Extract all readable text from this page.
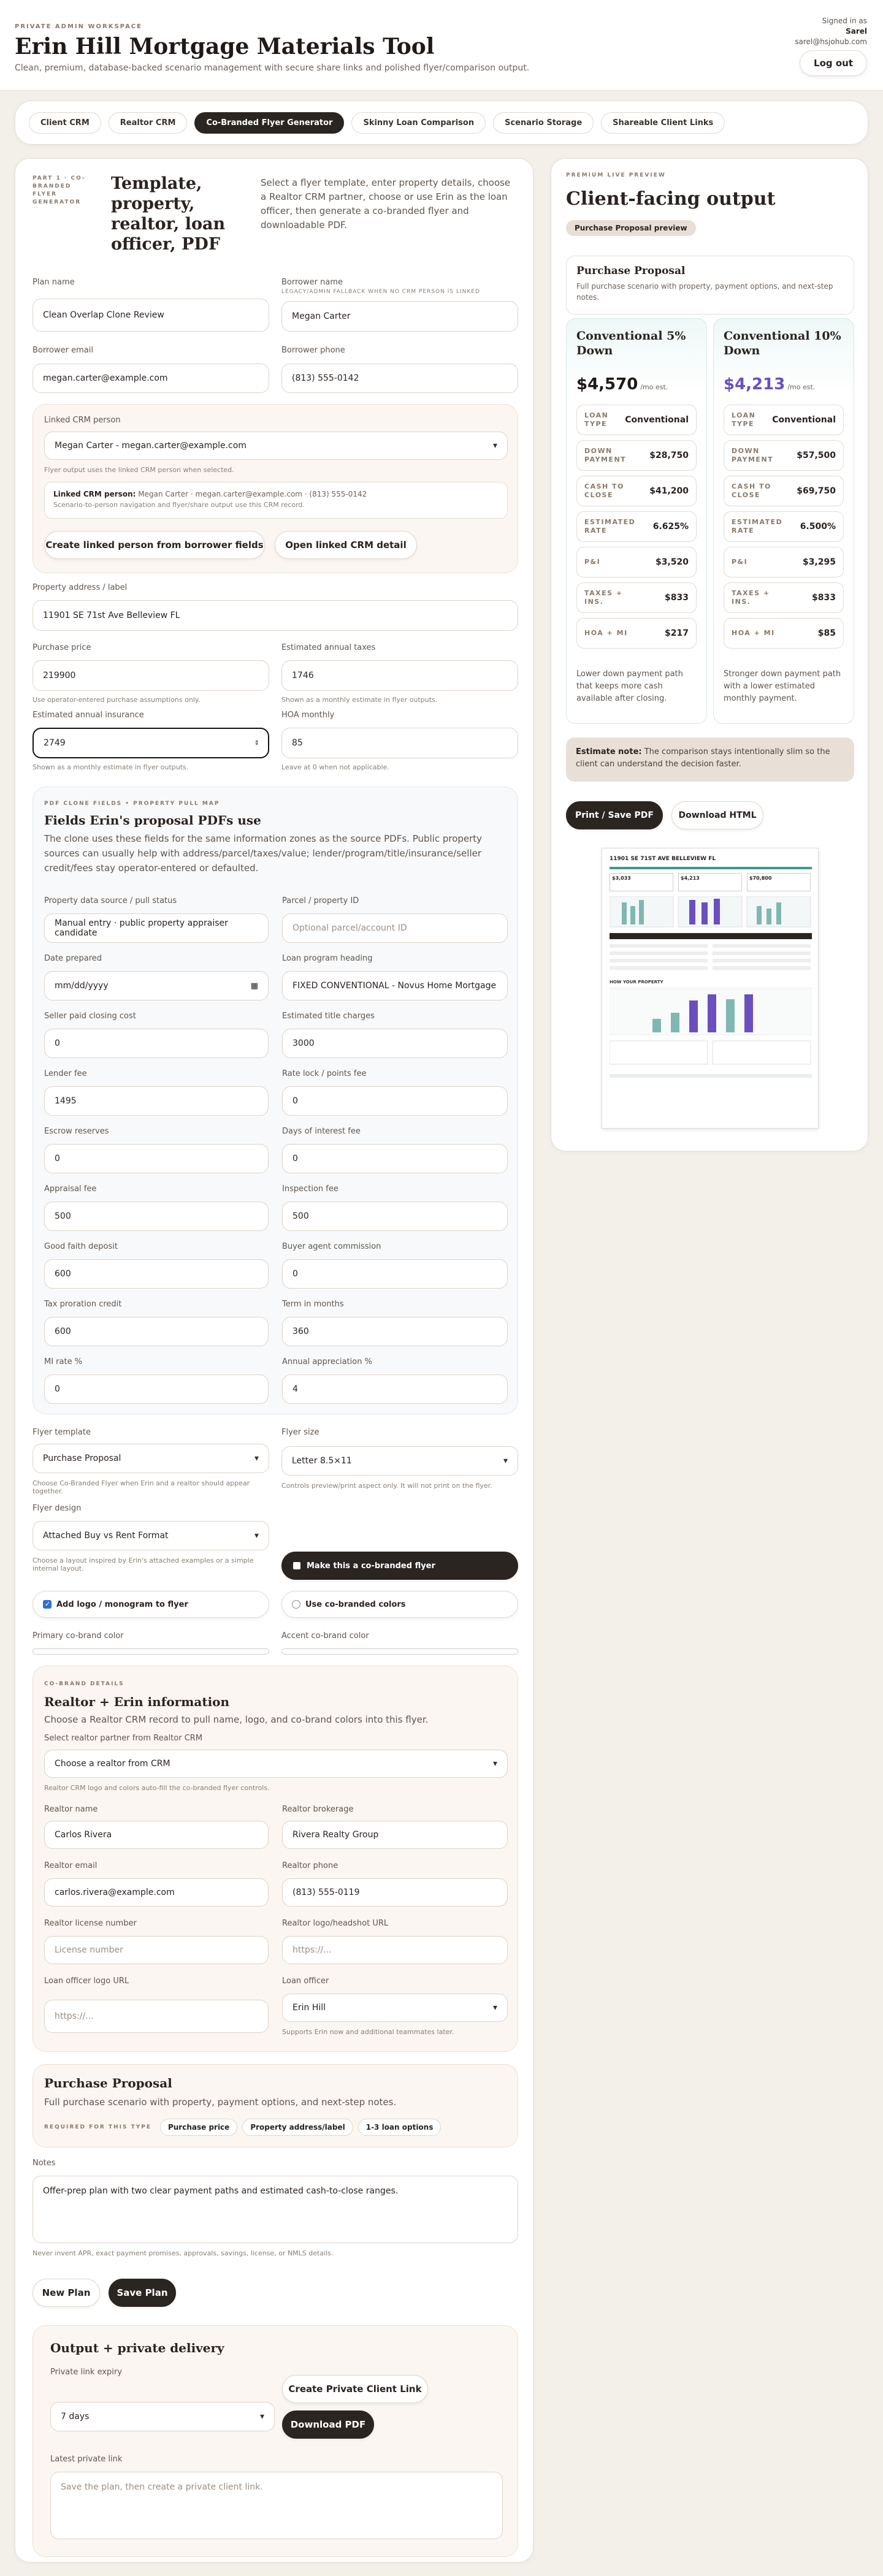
PRIVATE ADMIN WORKSPACE
Erin Hill Mortgage Materials Tool
Clean, premium, database-backed scenario management with secure share links and polished flyer/comparison output.
Signed in as
Sarel
sarel@hsjohub.com
Log out
Client CRM	Realtor CRM	Co-Branded Flyer Generator	Skinny Loan Comparison	Scenario Storage	Shareable Client Links
PART 1 · CO-BRANDED FLYER GENERATOR
Template, property, realtor, loan officer, PDF
Select a flyer template, enter property details, choose a Realtor CRM partner, choose or use Erin as the loan officer, then generate a co-branded flyer and downloadable PDF.
Plan name
Clean Overlap Clone Review
Borrower name
LEGACY/ADMIN FALLBACK WHEN NO CRM PERSON IS LINKED
Megan Carter
Borrower email
megan.carter@example.com
Borrower phone
(813) 555-0142
Linked CRM person
Megan Carter - megan.carter@example.com ▾
Flyer output uses the linked CRM person when selected.
Linked CRM person: Megan Carter · megan.carter@example.com · (813) 555-0142
Scenario-to-person navigation and flyer/share output use this CRM record.
Create linked person from borrower fields	Open linked CRM detail
Property address / label
11901 SE 71st Ave Belleview FL
Purchase price
219900
Use operator-entered purchase assumptions only.
Estimated annual taxes
1746
Shown as a monthly estimate in flyer outputs.
Estimated annual insurance
2749	⇕
Shown as a monthly estimate in flyer outputs.
HOA monthly
85
Leave at 0 when not applicable.
PDF CLONE FIELDS • PROPERTY PULL MAP
Fields Erin's proposal PDFs use
The clone uses these fields for the same information zones as the source PDFs. Public property sources can usually help with address/parcel/taxes/value; lender/program/title/insurance/seller credit/fees stay operator-entered or defaulted.
Property data source / pull status
Manual entry · public property appraiser candidate
Parcel / property ID
Optional parcel/account ID
Date prepared
mm/dd/yyyy	▦
Loan program heading
FIXED CONVENTIONAL - Novus Home Mortgage
Seller paid closing cost
0
Estimated title charges
3000
Lender fee
1495
Rate lock / points fee
0
Escrow reserves
0
Days of interest fee
0
Appraisal fee
500
Inspection fee
500
Good faith deposit
600
Buyer agent commission
0
Tax proration credit
600
Term in months
360
MI rate %
0
Annual appreciation %
4
Flyer template
Purchase Proposal ▾
Choose Co-Branded Flyer when Erin and a realtor should appear together.
Flyer size
Letter 8.5×11 ▾
Controls preview/print aspect only. It will not print on the flyer.
Flyer design
Attached Buy vs Rent Format ▾
Choose a layout inspired by Erin's attached examples or a simple internal layout.	Make this a co-branded flyer
✓
Add logo / monogram to flyer	Use co-branded colors
Primary co-brand color	Accent co-brand color
CO-BRAND DETAILS
Realtor + Erin information
Choose a Realtor CRM record to pull name, logo, and co-brand colors into this flyer.
Select realtor partner from Realtor CRM
Choose a realtor from CRM ▾
Realtor CRM logo and colors auto-fill the co-branded flyer controls.
Realtor name
Carlos Rivera
Realtor brokerage
Rivera Realty Group
Realtor email
carlos.rivera@example.com
Realtor phone
(813) 555-0119
Realtor license number
License number
Realtor logo/headshot URL
https://...
Loan officer logo URL
https://...
Loan officer
Erin Hill ▾
Supports Erin now and additional teammates later.
Purchase Proposal
Full purchase scenario with property, payment options, and next-step notes.
REQUIRED FOR THIS TYPE	Purchase price	Property address/label	1-3 loan options
Notes
Offer-prep plan with two clear payment paths and estimated cash-to-close ranges.
Never invent APR, exact payment promises, approvals, savings, license, or NMLS details.
New Plan	Save Plan
Output + private delivery
Private link expiry
7 days ▾
Create Private Client Link
Download PDF
Latest private link
Save the plan, then create a private client link.
PREMIUM LIVE PREVIEW
Client-facing output
Purchase Proposal preview
Purchase Proposal
Full purchase scenario with property, payment options, and next-step notes.
Estimate note: The comparison stays intentionally slim so the client can understand the decision faster.
Print / Save PDF	Download HTML
11901 SE 71ST AVE BELLEVIEW FL
$3,033	$4,213	$70,800
HOW YOUR PROPERTY
Conventional 5% Down
$4,570 /mo est.
LOAN TYPE	Conventional
DOWN PAYMENT	$28,750
CASH TO CLOSE	$41,200
ESTIMATED RATE	6.625%
P&I	$3,520
TAXES + INS.	$833
HOA + MI	$217
Lower down payment path that keeps more cash available after closing.
Conventional 10% Down
$4,213 /mo est.
LOAN TYPE	Conventional
DOWN PAYMENT	$57,500
CASH TO CLOSE	$69,750
ESTIMATED RATE	6.500%
P&I	$3,295
TAXES + INS.	$833
HOA + MI	$85
Stronger down payment path with a lower estimated monthly payment.
